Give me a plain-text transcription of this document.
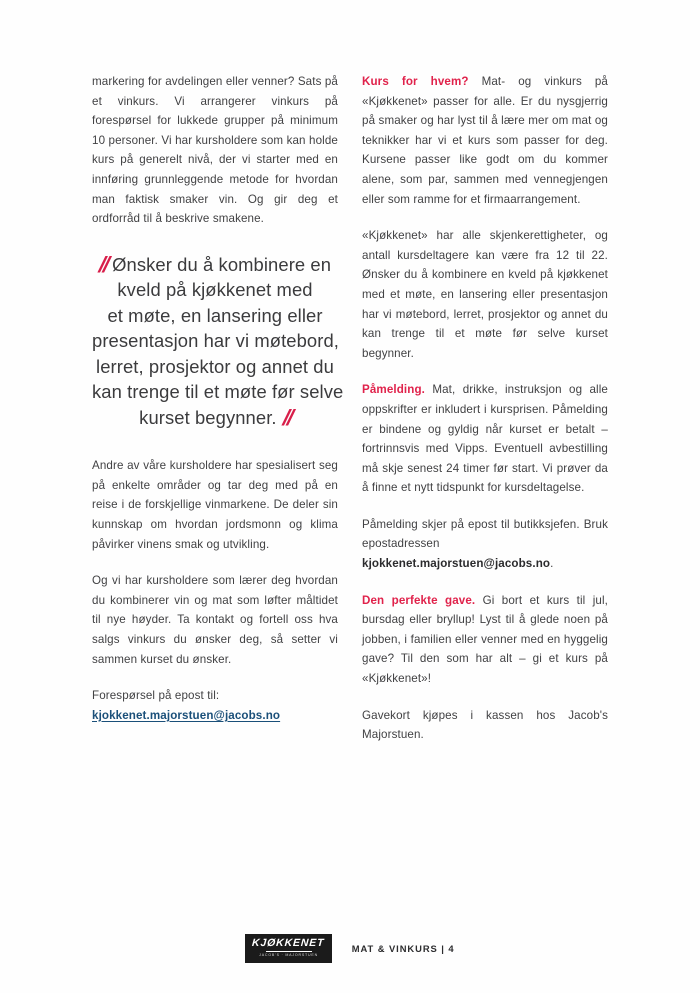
markering for avdelingen eller venner? Sats på et vinkurs. Vi arrangerer vinkurs på forespørsel for lukkede grupper på minimum 10 personer. Vi har kursholdere som kan holde kurs på generelt nivå, der vi starter med en innføring grunnleggende metode for hvordan man faktisk smaker vin. Og gir deg et ordforråd til å beskrive smakene.

// Ønsker du å kombinere en
kveld på kjøkkenet med
et møte, en lansering eller
presentasjon har vi møtebord,
lerret, prosjektor og annet du
kan trenge til et møte før selve
kurset begynner. //

Andre av våre kursholdere har spesialisert seg på enkelte områder og tar deg med på en reise i de forskjellige vinmarkene. De deler sin kunnskap om hvordan jordsmonn og klima påvirker vinens smak og utvikling.

Og vi har kursholdere som lærer deg hvordan du kombinerer vin og mat som løfter måltidet til nye høyder. Ta kontakt og fortell oss hva salgs vinkurs du ønsker deg, så setter vi sammen kurset du ønsker.

Forespørsel på epost til:
kjokkenet.majorstuen@jacobs.no

Kurs for hvem? Mat- og vinkurs på «Kjøkkenet» passer for alle. Er du nysgjerrig på smaker og har lyst til å lære mer om mat og teknikker har vi et kurs som passer for deg. Kursene passer like godt om du kommer alene, som par, sammen med vennegjengen eller som ramme for et firmaarrangement.

«Kjøkkenet» har alle skjenkerettigheter, og antall kursdeltagere kan være fra 12 til 22. Ønsker du å kombinere en kveld på kjøkkenet med et møte, en lansering eller presentasjon har vi møtebord, lerret, prosjektor og annet du kan trenge til et møte før selve kurset begynner.

Påmelding. Mat, drikke, instruksjon og alle oppskrifter er inkludert i kursprisen. Påmelding er bindene og gyldig når kurset er betalt – fortrinnsvis med Vipps. Eventuell avbestilling må skje senest 24 timer før start. Vi prøver da å finne et nytt tidspunkt for kursdeltagelse.

Påmelding skjer på epost til butikksjefen. Bruk epostadressen kjokkenet.majorstuen@jacobs.no.

Den perfekte gave. Gi bort et kurs til jul, bursdag eller bryllup! Lyst til å glede noen på jobben, i familien eller venner med en hyggelig gave? Til den som har alt – gi et kurs på «Kjøkkenet»!

Gavekort kjøpes i kassen hos Jacob's Majorstuen.

KJØKKENET
JACOB'S · MAJORSTUEN
MAT & VINKURS | 4
